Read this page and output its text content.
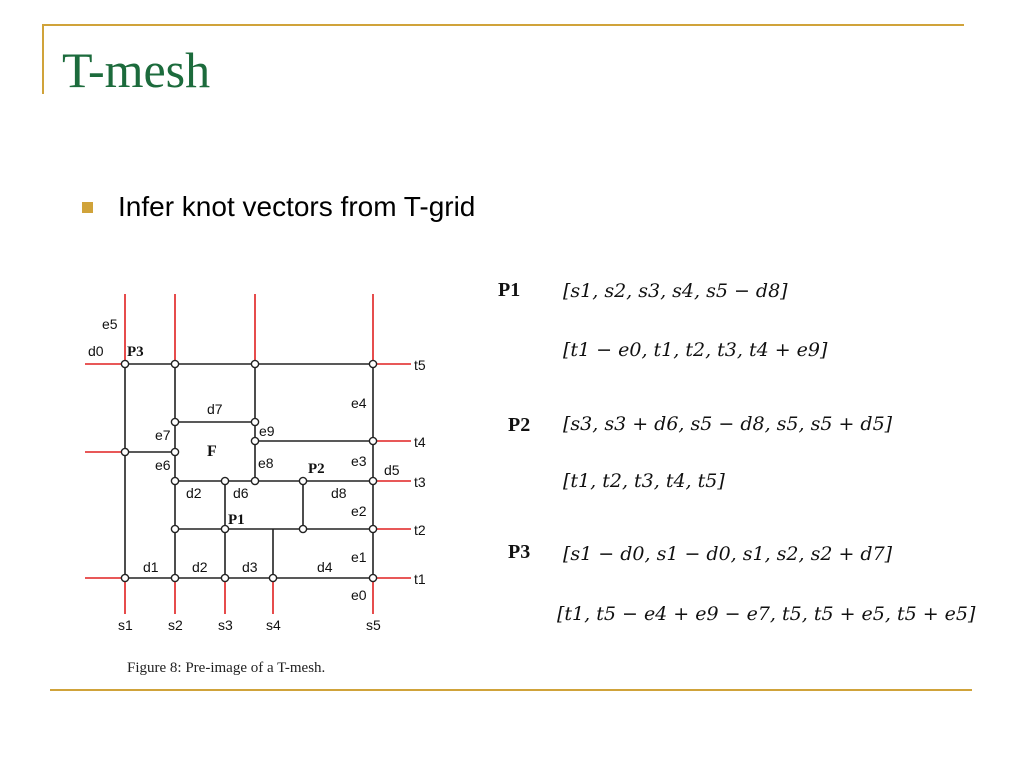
T-mesh
Infer knot vectors from T-grid
e5
d0 P3
t5
e4
d7
e9
e7
F
t4
e6	e8 P2 e3
d5
t3
d2 d6	d8
e2
P1
t2
e1
d1 d2 d3	d4
t1
e0
s1	s2	s3 s4	s5
Figure 8: Pre-image of a T-mesh.
P1 [s1, s2, s3, s4, s5 − d8]
[t1 − e0, t1, t2, t3, t4 + e9]
P2 [s3, s3 + d6, s5 − d8, s5, s5 + d5]
[t1, t2, t3, t4, t5]
P3 [s1 − d0, s1 − d0, s1, s2, s2 + d7]
[t1, t5 − e4 + e9 − e7, t5, t5 + e5, t5 + e5]
